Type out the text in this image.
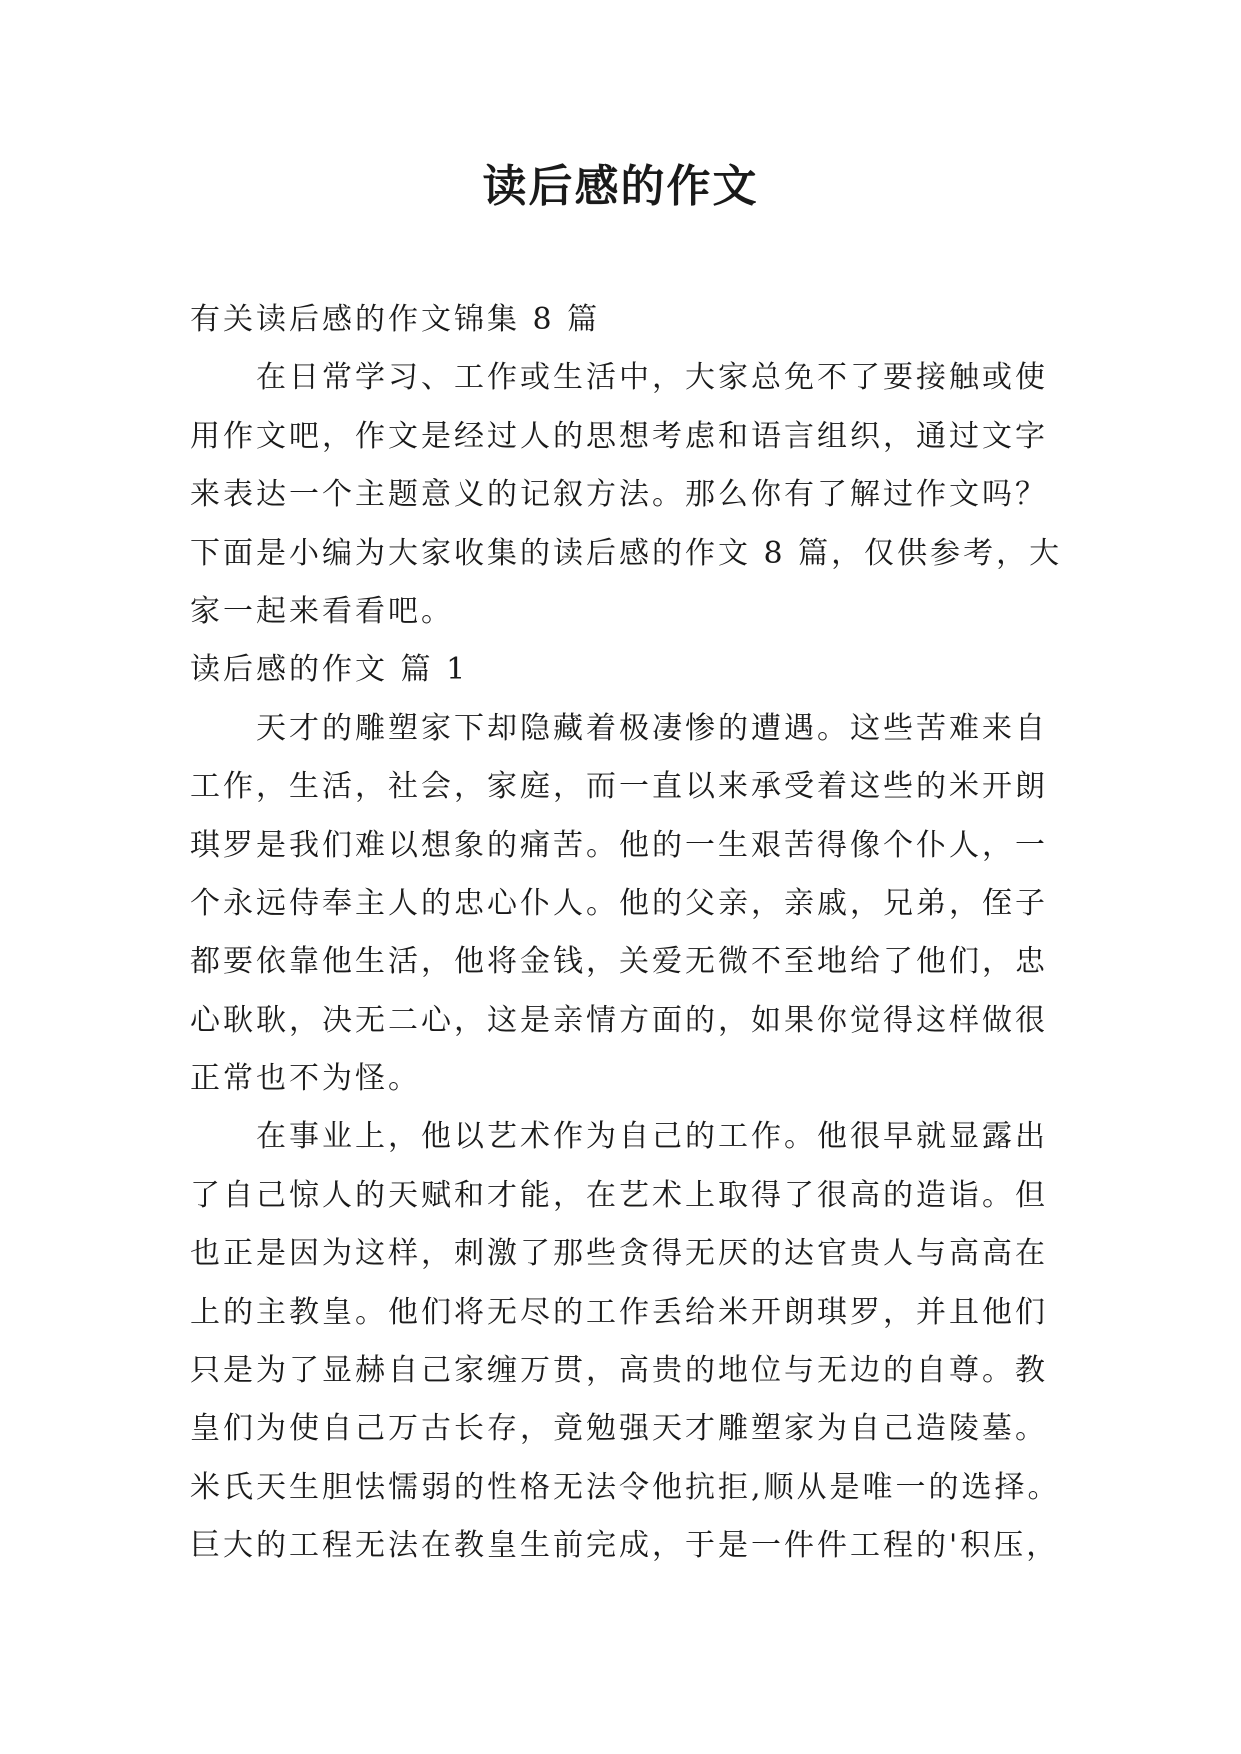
读后感的作文
有关读后感的作文锦集 8 篇
在日常学习、工作或生活中，大家总免不了要接触或使
用作文吧，作文是经过人的思想考虑和语言组织，通过文字
来表达一个主题意义的记叙方法。那么你有了解过作文吗？
下面是小编为大家收集的读后感的作文 8 篇，仅供参考，大
家一起来看看吧。
读后感的作文 篇 1
天才的雕塑家下却隐藏着极凄惨的遭遇。这些苦难来自
工作，生活，社会，家庭，而一直以来承受着这些的米开朗
琪罗是我们难以想象的痛苦。他的一生艰苦得像个仆人，一
个永远侍奉主人的忠心仆人。他的父亲，亲戚，兄弟，侄子
都要依靠他生活，他将金钱，关爱无微不至地给了他们，忠
心耿耿，决无二心，这是亲情方面的，如果你觉得这样做很
正常也不为怪。
在事业上，他以艺术作为自己的工作。他很早就显露出
了自己惊人的天赋和才能，在艺术上取得了很高的造诣。但
也正是因为这样，刺激了那些贪得无厌的达官贵人与高高在
上的主教皇。他们将无尽的工作丢给米开朗琪罗，并且他们
只是为了显赫自己家缠万贯，高贵的地位与无边的自尊。教
皇们为使自己万古长存，竟勉强天才雕塑家为自己造陵墓。
米氏天生胆怯懦弱的性格无法令他抗拒,顺从是唯一的选择。
巨大的工程无法在教皇生前完成，于是一件件工程的'积压，
